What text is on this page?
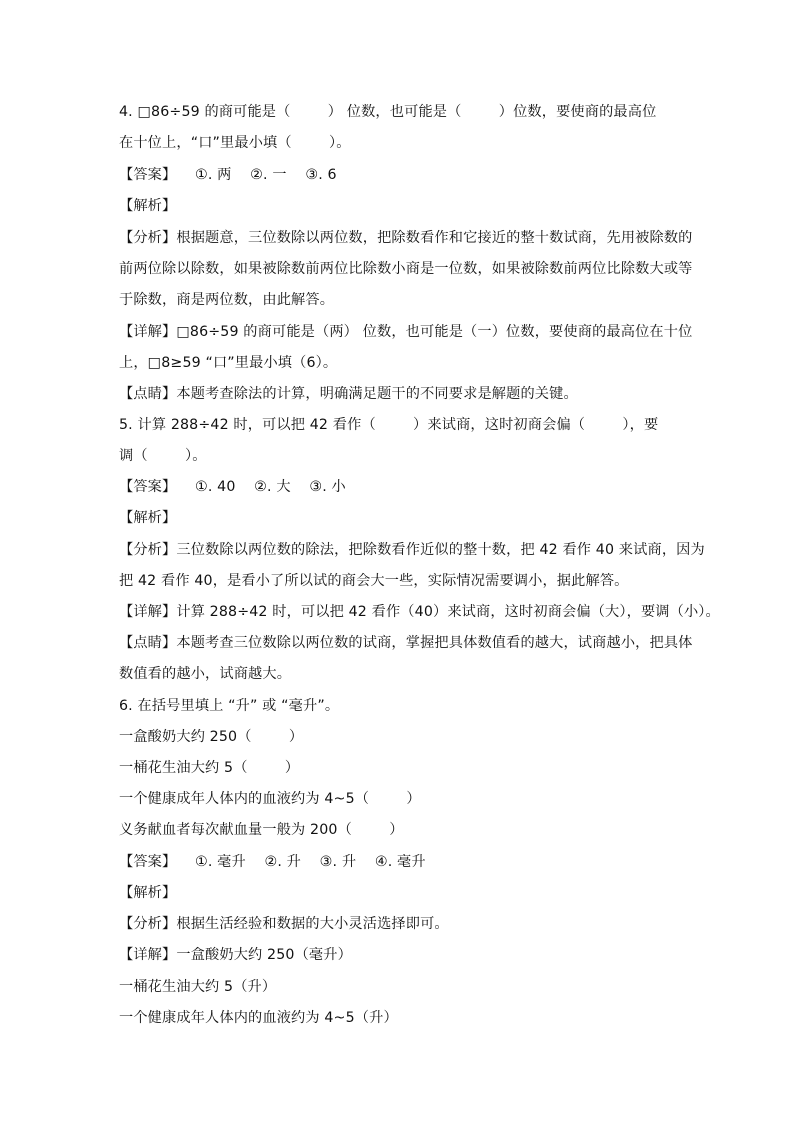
4. □86÷59 的商可能是（        ） 位数，也可能是（        ）位数，要使商的最高位
在十位上，“口”里最小填（        ）。
【答案】    ①. 两    ②. 一    ③. 6
【解析】
【分析】根据题意，三位数除以两位数，把除数看作和它接近的整十数试商，先用被除数的
前两位除以除数，如果被除数前两位比除数小商是一位数，如果被除数前两位比除数大或等
于除数，商是两位数，由此解答。
【详解】□86÷59 的商可能是（两） 位数，也可能是（一）位数，要使商的最高位在十位
上，□8≥59 “口”里最小填（6）。
【点睛】本题考查除法的计算，明确满足题干的不同要求是解题的关键。
5. 计算 288÷42 时，可以把 42 看作（        ）来试商，这时初商会偏（        ），要
调（        ）。
【答案】    ①. 40    ②. 大    ③. 小
【解析】
【分析】三位数除以两位数的除法，把除数看作近似的整十数，把 42 看作 40 来试商，因为
把 42 看作 40，是看小了所以试的商会大一些，实际情况需要调小，据此解答。
【详解】计算 288÷42 时，可以把 42 看作（40）来试商，这时初商会偏（大），要调（小）。
【点睛】本题考查三位数除以两位数的试商，掌握把具体数值看的越大，试商越小，把具体
数值看的越小，试商越大。
6. 在括号里填上 “升” 或 “毫升”。
一盒酸奶大约 250（        ）
一桶花生油大约 5（        ）
一个健康成年人体内的血液约为 4~5（        ）
义务献血者每次献血量一般为 200（        ）
【答案】    ①. 毫升    ②. 升    ③. 升    ④. 毫升
【解析】
【分析】根据生活经验和数据的大小灵活选择即可。
【详解】一盒酸奶大约 250（毫升）
一桶花生油大约 5（升）
一个健康成年人体内的血液约为 4~5（升）
